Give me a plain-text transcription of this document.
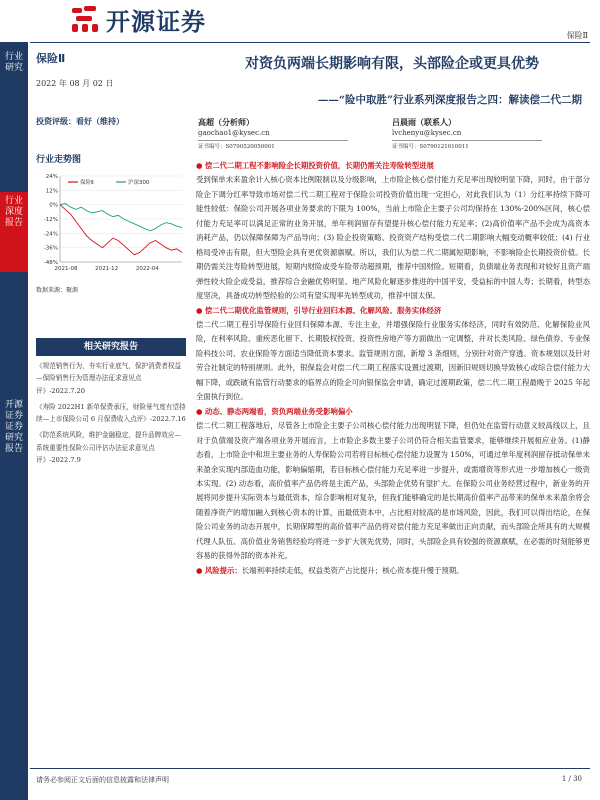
开源证券	保险Ⅱ
行业研究
行业深度报告
开源证券 证券研究报告
保险Ⅱ
2022 年 08 月 02 日
投资评级：看好（维持）
行业走势图
24%
12%
0%
-12%
-24%
-36%
-48%
2021-08	2021-12	2022-04
保险Ⅱ	沪深300
数据来源：聚源
相关研究报告
《规范销售行为，夯实行业底气，保护消费者权益—保险销售行为管理办法征求意见点评》-2022.7.20
《寿险 2022H1 新单保费承压，财险景气度有望持续—上市保险公司 6 月保费收入点评》-2022.7.16
《防范系统风险，维护金融稳定，提升品牌效应—系统重要性保险公司评估办法征求意见点评》-2022.7.9
对资负两端长期影响有限，头部险企或更具优势
——“险中取胜”行业系列深度报告之四：解读偿二代二期
高超（分析师）
gaochao1@kysec.cn
证书编号：S0790520050001
吕晨雨（联系人）
lvchenyu@kysec.cn
证书编号：S0790121010011

● 偿二代二期工程不影响险企长期投资价值，长期仍需关注寿险转型进展
受到保单未来盈余计入核心资本比例限制以及分级影响，上市险企核心偿付能力充足率出现较明显下降，同时，由于部分险企下调分红率导致市场对偿二代二期工程对于保险公司投资价值出现一定担心，对此我们认为（1）分红率持续下降可能性较低：保险公司开展各项业务要求的下限为 100%，当前上市险企主要子公司均保持在 130%-200%区间，核心偿付能力充足率可以满足正常的业务开展，单年利润留存有望提升核心偿付能力充足率；(2)高价值率产品不会成为高资本消耗产品，仍以保障保障为产品导向；(3) 险企投资策略、投资资产结构受偿二代二期影响大幅变动概率较低；(4) 行业格局受冲击有限，但大型险企具有更优资源禀赋。所以，我们认为偿二代二期属短期影响，不影响险企长期投资价值。长期仍需关注寿险转型进展，短期内财险或受车险带动超预期，推荐中国财险。短期看，负债端业务表现和对较好且资产端弹性较大险企或受益，推荐综合金融优势明显、地产风险化解逐步推进的中国平安，受益标的中国人寿；长期看，转型态度坚决，具备成功转型经验的公司有望实现率先转型成功，推荐中国太保。

● 偿二代二期优化监管规则，引导行业回归本源、化解风险、服务实体经济
偿二代二期工程引导保险行业回归保障本源、专注主业，并增强保险行业服务实体经济，同时有效防范、化解保险业风险，在利率风险、重疾恶化留下、长期股权投资、投资性房地产等方面做出一定调整，并对长类风险、绿色债券、专业保险科技公司、农业保险等方面适当降低资本要求。监管规则方面，新增 3 条细则，分别针对资产穿透、资本规划以及针对劳合社制定的特别规则。此外，银保监会对偿二代二期工程落实设置过渡期，因新旧规则切换导致核心或综合偿付能力大幅下降，或跌破有监管行动要求的临界点的险企可向银保监会申请，确定过渡期政策，偿二代二期工程最晚于 2025 年起全面执行到位。

● 动态、静态两端看，资负两端业务受影响偏小
偿二代二期工程落地后，尽管各上市险企主要子公司核心偿付能力出现明显下降，但仍处在监管行动意义较高线以上，且对于负债端及资产端各项业务开展而言，上市险企多数主要子公司仍符合相关监管要求，能够继续开展相应业务。(1)静态看，上市险企中和坦主要业务的人寿保险公司若将目标核心偿付能力设置为 150%，可通过单年度利润留存抵动保单未来盈余实现内部造血功能，影响偏缩期，若目标核心偿付能力充足率进一步提升，或需增资等形式进一步增加核心一级资本实现。(2) 动态看，高价值率产品仍将是主流产品，头部险企优势有望扩大。在保险公司业务经营过程中，新业务的开展将同步提升实际资本与最低资本，综合影响相对复杂，但我们能够确定的是长期高价值率产品带来的保单未来盈余将会随着净资产的增加融入到核心资本的计算，而最低资本中，占比相对较高的是市场风险，因此，我们可以得出结论，在保险公司业务的动态开展中，长期保障型的高价值率产品仍将对偿付能力充足率做出正向贡献，而头部险企所具有的大规模代理人队伍、高价值业务销售经验均将进一步扩大领先优势，同时，头部险企具有较强的资源禀赋，在必需的时刻能够更容易的获得外部的资本补充。

● 风险提示：长端利率持续走低，权益类资产占比提升；核心资本提升慢于预期。

请务必参阅正文后面的信息披露和法律声明	1 / 30
